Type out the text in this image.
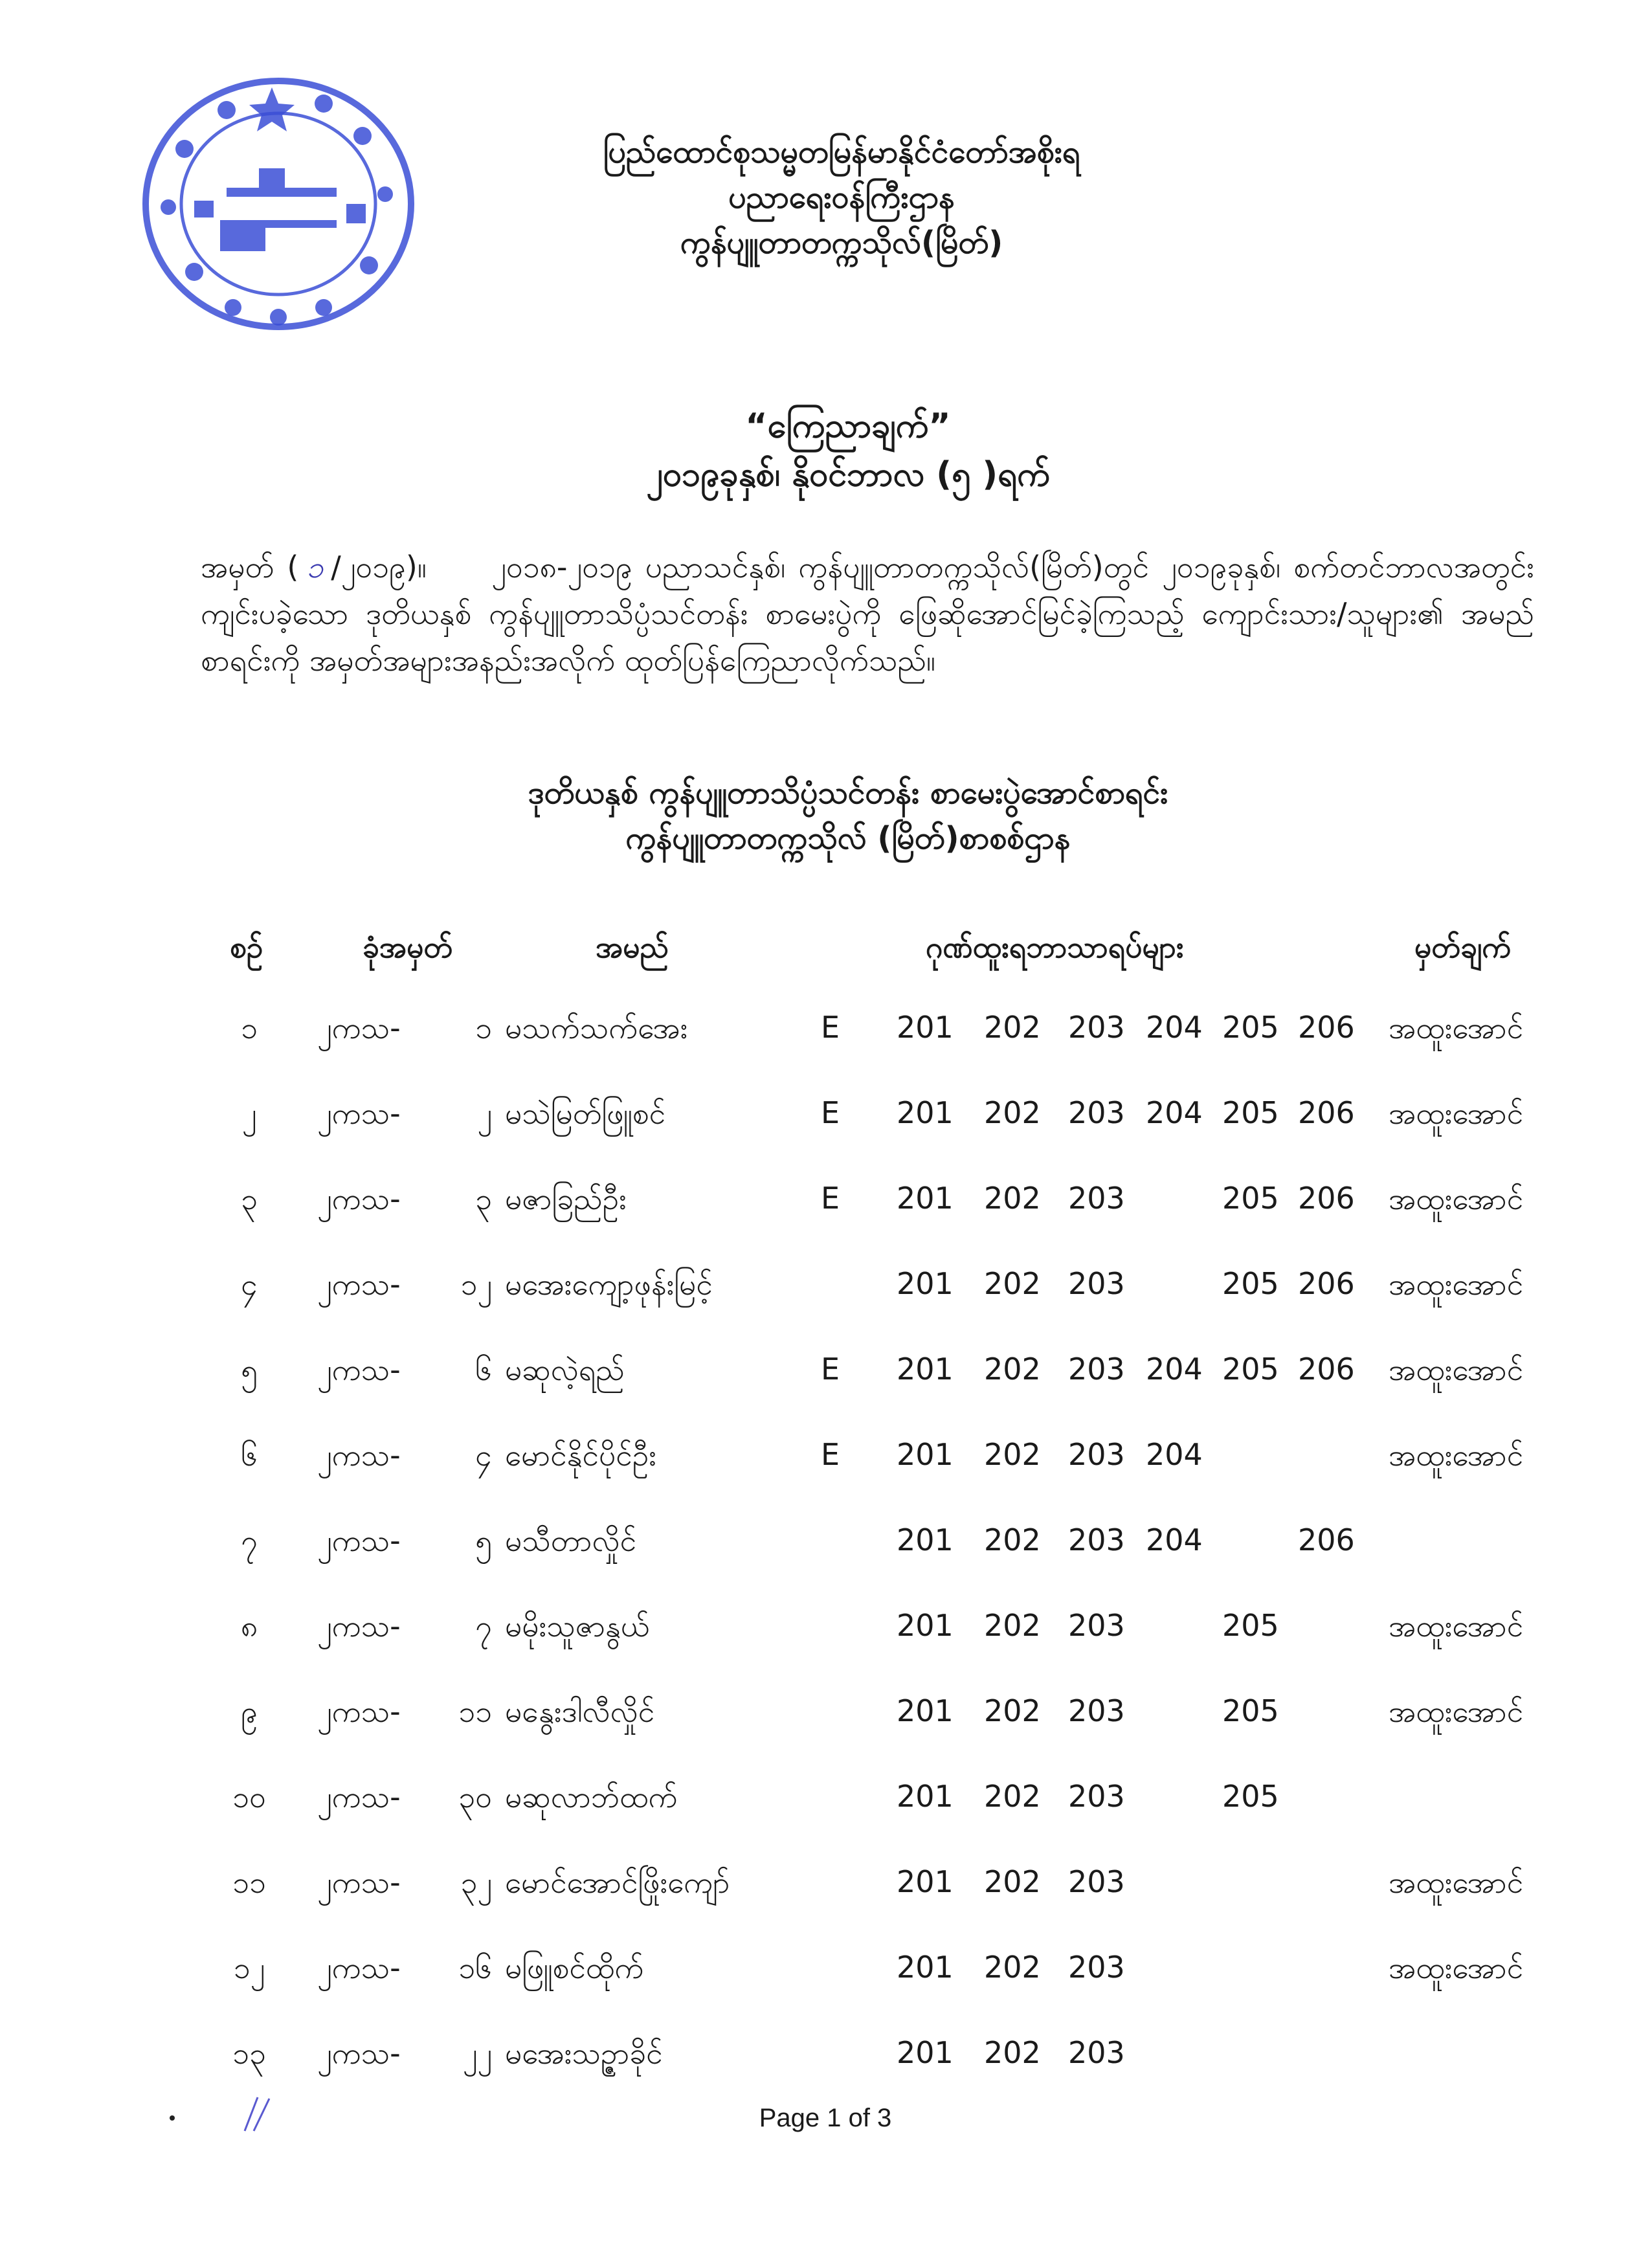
ပြည်ထောင်စုသမ္မတမြန်မာနိုင်ငံတော်အစိုးရ
ပညာရေးဝန်ကြီးဌာန
ကွန်ပျူတာတက္ကသိုလ်(မြိတ်)
“ကြေညာချက်”
၂၀၁၉ခုနှစ်၊ နိုဝင်ဘာလ (၅ )ရက်
အမှတ် ( ၁ /၂၀၁၉)။ ၂၀၁၈-၂၀၁၉ ပညာသင်နှစ်၊ ကွန်ပျူတာတက္ကသိုလ်(မြိတ်)တွင် ၂၀၁၉ခုနှစ်၊ စက်တင်ဘာလအတွင်း ကျင်းပခဲ့သော ဒုတိယနှစ် ကွန်ပျူတာသိပ္ပံသင်တန်း စာမေးပွဲကို ဖြေဆိုအောင်မြင်ခဲ့ကြသည့် ကျောင်းသား/သူများ၏ အမည်စာရင်းကို အမှတ်အများအနည်းအလိုက် ထုတ်ပြန်ကြေညာလိုက်သည်။
ဒုတိယနှစ် ကွန်ပျူတာသိပ္ပံသင်တန်း စာမေးပွဲအောင်စာရင်း
ကွန်ပျူတာတက္ကသိုလ် (မြိတ်)စာစစ်ဌာန
စဉ်	ခုံအမှတ်	အမည်	ဂုဏ်ထူးရဘာသာရပ်များ	မှတ်ချက်
၁	၂ကသ-	၁ မသက်သက်အေး	E 201 202 203 204 205 206 အထူးအောင်
၂	၂ကသ-	၂ မသဲမြတ်ဖြူစင်	E 201 202 203 204 205 206 အထူးအောင်
၃	၂ကသ-	၃ မဇာခြည်ဦး	E 201 202 203	205 206 အထူးအောင်
၄	၂ကသ-	၁၂ မအေးကျော့ဖုန်းမြင့်	201 202 203	205 206 အထူးအောင်
၅	၂ကသ-	၆ မဆုလဲ့ရည်	E 201 202 203 204 205 206 အထူးအောင်
၆	၂ကသ-	၄ မောင်နိုင်ပိုင်ဦး	E 201 202 203 204	အထူးအောင်
၇	၂ကသ-	၅ မသီတာလှိုင်	201 202 203 204	206
၈	၂ကသ-	၇ မမိုးသူဇာနွယ်	201 202 203	205	အထူးအောင်
၉	၂ကသ-	၁၁ မနွေးဒါလီလှိုင်	201 202 203	205	အထူးအောင်
၁၀	၂ကသ-	၃၀ မဆုလာဘ်ထက်	201 202 203	205
၁၁	၂ကသ-	၃၂ မောင်အောင်ဖြိုးကျော်	201 202 203	အထူးအောင်
၁၂	၂ကသ-	၁၆ မဖြူစင်ထိုက်	201 202 203	အထူးအောင်
၁၃	၂ကသ-	၂၂ မအေးသဉ္ဇာခိုင်	201 202 203
Page 1 of 3
